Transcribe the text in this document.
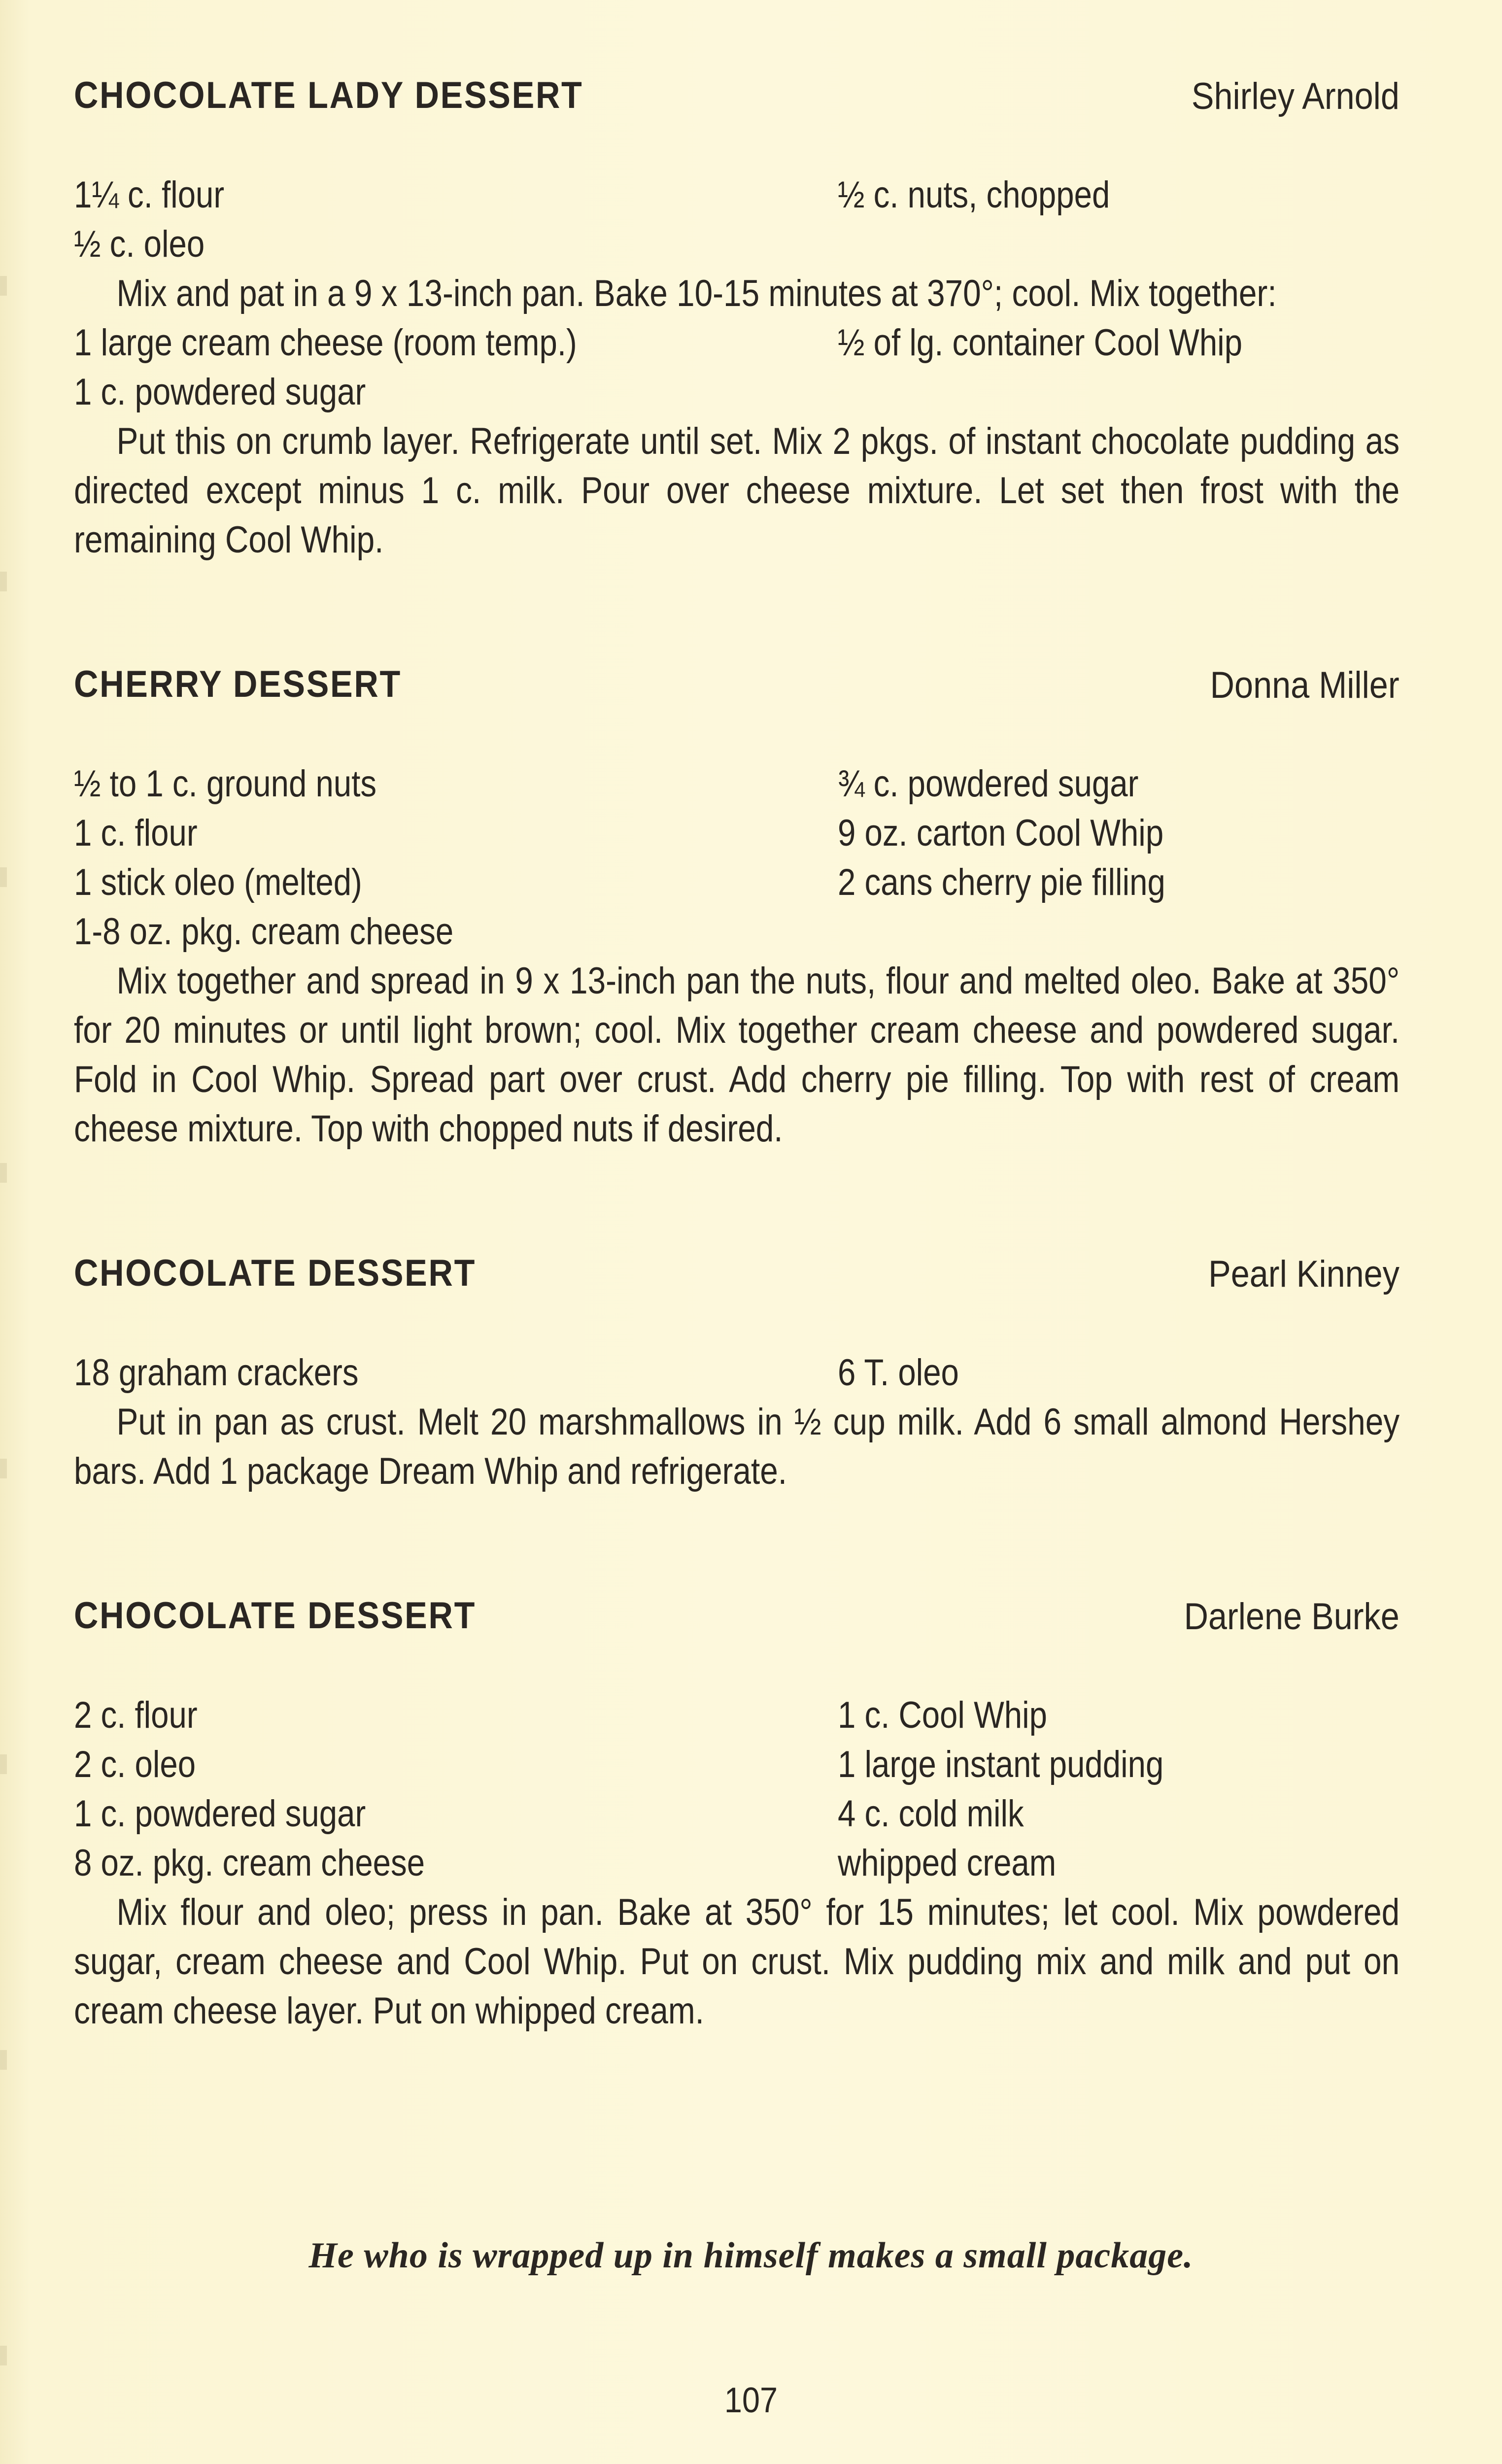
CHOCOLATE LADY DESSERT	Shirley Arnold
1¼ c. flour	½ c. nuts, chopped
½ c. oleo

Mix and pat in a 9 x 13-inch pan. Bake 10-15 minutes at 370°; cool. Mix together:

1 large cream cheese (room temp.)	½ of lg. container Cool Whip
1 c. powdered sugar

Put this on crumb layer. Refrigerate until set. Mix 2 pkgs. of instant chocolate pudding as directed except minus 1 c. milk. Pour over cheese mixture. Let set then frost with the remaining Cool Whip.

CHERRY DESSERT	Donna Miller
½ to 1 c. ground nuts	¾ c. powdered sugar
1 c. flour	9 oz. carton Cool Whip
1 stick oleo (melted)	2 cans cherry pie filling
1-8 oz. pkg. cream cheese

Mix together and spread in 9 x 13-inch pan the nuts, flour and melted oleo. Bake at 350° for 20 minutes or until light brown; cool. Mix together cream cheese and powdered sugar. Fold in Cool Whip. Spread part over crust. Add cherry pie filling. Top with rest of cream cheese mixture. Top with chopped nuts if desired.

CHOCOLATE DESSERT	Pearl Kinney
18 graham crackers	6 T. oleo

Put in pan as crust. Melt 20 marshmallows in ½ cup milk. Add 6 small almond Hershey bars. Add 1 package Dream Whip and refrigerate.

CHOCOLATE DESSERT	Darlene Burke
2 c. flour	1 c. Cool Whip
2 c. oleo	1 large instant pudding
1 c. powdered sugar	4 c. cold milk
8 oz. pkg. cream cheese	whipped cream

Mix flour and oleo; press in pan. Bake at 350° for 15 minutes; let cool. Mix powdered sugar, cream cheese and Cool Whip. Put on crust. Mix pudding mix and milk and put on cream cheese layer. Put on whipped cream.

He who is wrapped up in himself makes a small package.
107
